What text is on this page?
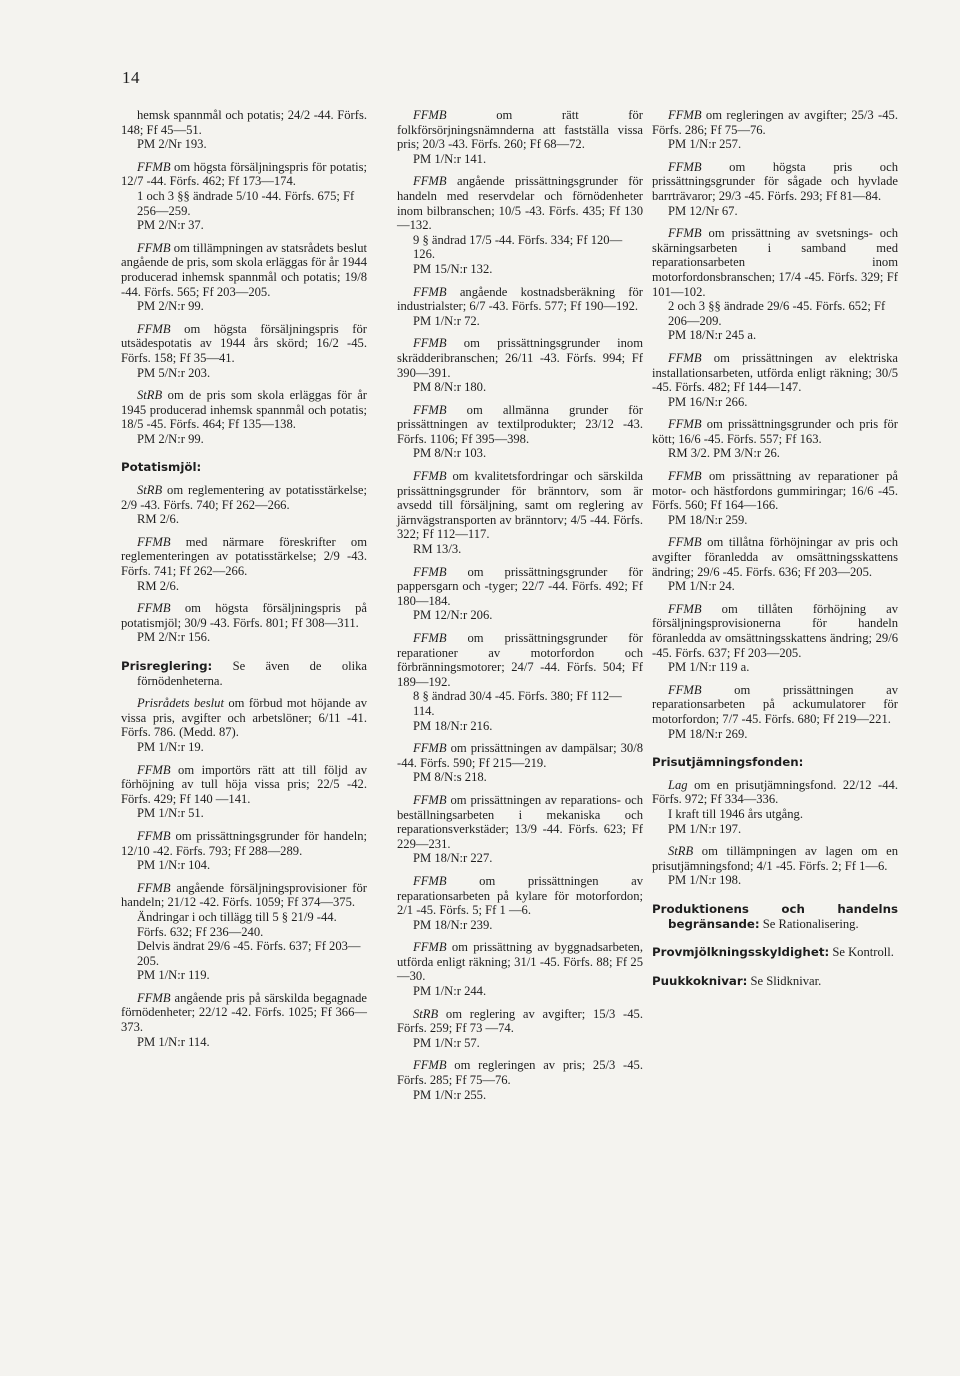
14

hemsk spannmål och potatis; 24/2 -44. Förfs. 148; Ff 45—51.

PM 2/Nr 193.

FFMB om högsta försäljningspris för potatis; 12/7 -44. Förfs. 462; Ff 173—174.

1 och 3 §§ ändrade 5/10 -44. Förfs. 675; Ff 256—259.
PM 2/N:r 37.

FFMB om tillämpningen av statsrådets beslut angående de pris, som skola erläggas för år 1944 producerad inhemsk spannmål och potatis; 19/8 -44. Förfs. 565; Ff 203—205.

PM 2/N:r 99.

FFMB om högsta försäljningspris för utsädespotatis av 1944 års skörd; 16/2 -45. Förfs. 158; Ff 35—41.

PM 5/N:r 203.

StRB om de pris som skola erläggas för år 1945 producerad inhemsk spannmål och potatis; 18/5 -45. Förfs. 464; Ff 135—138.

PM 2/N:r 99.
Potatismjöl:

StRB om reglementering av potatisstärkelse; 2/9 -43. Förfs. 740; Ff 262—266.

RM 2/6.

FFMB med närmare föreskrifter om reglementeringen av potatisstärkelse; 2/9 -43. Förfs. 741; Ff 262—266.

RM 2/6.

FFMB om högsta försäljningspris på potatismjöl; 30/9 -43. Förfs. 801; Ff 308—311.

PM 2/N:r 156.
Prisreglering: Se även de olika förnödenheterna.

Prisrådets beslut om förbud mot höjande av vissa pris, avgifter och arbetslöner; 6/11 -41. Förfs. 786. (Medd. 87).

PM 1/N:r 19.

FFMB om importörs rätt att till följd av förhöjning av tull höja vissa pris; 22/5 -42. Förfs. 429; Ff 140 —141.

PM 1/N:r 51.

FFMB om prissättningsgrunder för handeln; 12/10 -42. Förfs. 793; Ff 288—289.

PM 1/N:r 104.

FFMB angående försäljningsprovisioner för handeln; 21/12 -42. Förfs. 1059; Ff 374—375.

Ändringar i och tillägg till 5 § 21/9 -44. Förfs. 632; Ff 236—240.
Delvis ändrat 29/6 -45. Förfs. 637; Ff 203—205.
PM 1/N:r 119.

FFMB angående pris på särskilda begagnade förnödenheter; 22/12 -42. Förfs. 1025; Ff 366—373.

PM 1/N:r 114.

FFMB om rätt för folkförsörjningsnämnderna att fastställa vissa pris; 20/3 -43. Förfs. 260; Ff 68—72.

PM 1/N:r 141.

FFMB angående prissättningsgrunder för handeln med reservdelar och förnödenheter inom bilbranschen; 10/5 -43. Förfs. 435; Ff 130—132.

9 § ändrad 17/5 -44. Förfs. 334; Ff 120—126.
PM 15/N:r 132.

FFMB angående kostnadsberäkning för industrialster; 6/7 -43. Förfs. 577; Ff 190—192.

PM 1/N:r 72.

FFMB om prissättningsgrunder inom skrädderibranschen; 26/11 -43. Förfs. 994; Ff 390—391.

PM 8/N:r 180.

FFMB om allmänna grunder för prissättningen av textilprodukter; 23/12 -43. Förfs. 1106; Ff 395—398.

PM 8/N:r 103.

FFMB om kvalitetsfordringar och särskilda prissättningsgrunder för bränntorv, som är avsedd till försäljning, samt om reglering av järnvägstransporten av bränntorv; 4/5 -44. Förfs. 322; Ff 112—117.

RM 13/3.

FFMB om prissättningsgrunder för pappersgarn och -tyger; 22/7 -44. Förfs. 492; Ff 180—184.

PM 12/N:r 206.

FFMB om prissättningsgrunder för reparationer av motorfordon och förbränningsmotorer; 24/7 -44. Förfs. 504; Ff 189—192.

8 § ändrad 30/4 -45. Förfs. 380; Ff 112—114.
PM 18/N:r 216.

FFMB om prissättningen av dampälsar; 30/8 -44. Förfs. 590; Ff 215—219.

PM 8/N:s 218.

FFMB om prissättningen av reparations- och beställningsarbeten i mekaniska och reparationsverkstäder; 13/9 -44. Förfs. 623; Ff 229—231.

PM 18/N:r 227.

FFMB om prissättningen av reparationsarbeten på kylare för motorfordon; 2/1 -45. Förfs. 5; Ff 1 —6.

PM 18/N:r 239.

FFMB om prissättning av byggnadsarbeten, utförda enligt räkning; 31/1 -45. Förfs. 88; Ff 25—30.

PM 1/N:r 244.

StRB om reglering av avgifter; 15/3 -45. Förfs. 259; Ff 73 —74.

PM 1/N:r 57.

FFMB om regleringen av pris; 25/3 -45. Förfs. 285; Ff 75—76.

PM 1/N:r 255.

FFMB om regleringen av avgifter; 25/3 -45. Förfs. 286; Ff 75—76.

PM 1/N:r 257.

FFMB om högsta pris och prissättningsgrunder för sågade och hyvlade barrträvaror; 29/3 -45. Förfs. 293; Ff 81—84.

PM 12/Nr 67.

FFMB om prissättning av svetsnings- och skärningsarbeten i samband med reparationsarbeten inom motorfordonsbranschen; 17/4 -45. Förfs. 329; Ff 101—102.

2 och 3 §§ ändrade 29/6 -45. Förfs. 652; Ff 206—209.
PM 18/N:r 245 a.

FFMB om prissättningen av elektriska installationsarbeten, utförda enligt räkning; 30/5 -45. Förfs. 482; Ff 144—147.

PM 16/N:r 266.

FFMB om prissättningsgrunder och pris för kött; 16/6 -45. Förfs. 557; Ff 163.

RM 3/2. PM 3/N:r 26.

FFMB om prissättning av reparationer på motor- och hästfordons gummiringar; 16/6 -45. Förfs. 560; Ff 164—166.

PM 18/N:r 259.

FFMB om tillåtna förhöjningar av pris och avgifter föranledda av omsättningsskattens ändring; 29/6 -45. Förfs. 636; Ff 203—205.

PM 1/N:r 24.

FFMB om tillåten förhöjning av försäljningsprovisionerna för handeln föranledda av omsättningsskattens ändring; 29/6 -45. Förfs. 637; Ff 203—205.

PM 1/N:r 119 a.

FFMB om prissättningen av reparationsarbeten på ackumulatorer för motorfordon; 7/7 -45. Förfs. 680; Ff 219—221.

PM 18/N:r 269.
Prisutjämningsfonden:

Lag om en prisutjämningsfond. 22/12 -44. Förfs. 972; Ff 334—336.

I kraft till 1946 års utgång.
PM 1/N:r 197.

StRB om tillämpningen av lagen om en prisutjämningsfond; 4/1 -45. Förfs. 2; Ff 1—6.

PM 1/N:r 198.
Produktionens och handelns begränsande: Se Rationalisering.
Provmjölkningsskyldighet: Se Kontroll.
Puukkoknivar: Se Slidknivar.
